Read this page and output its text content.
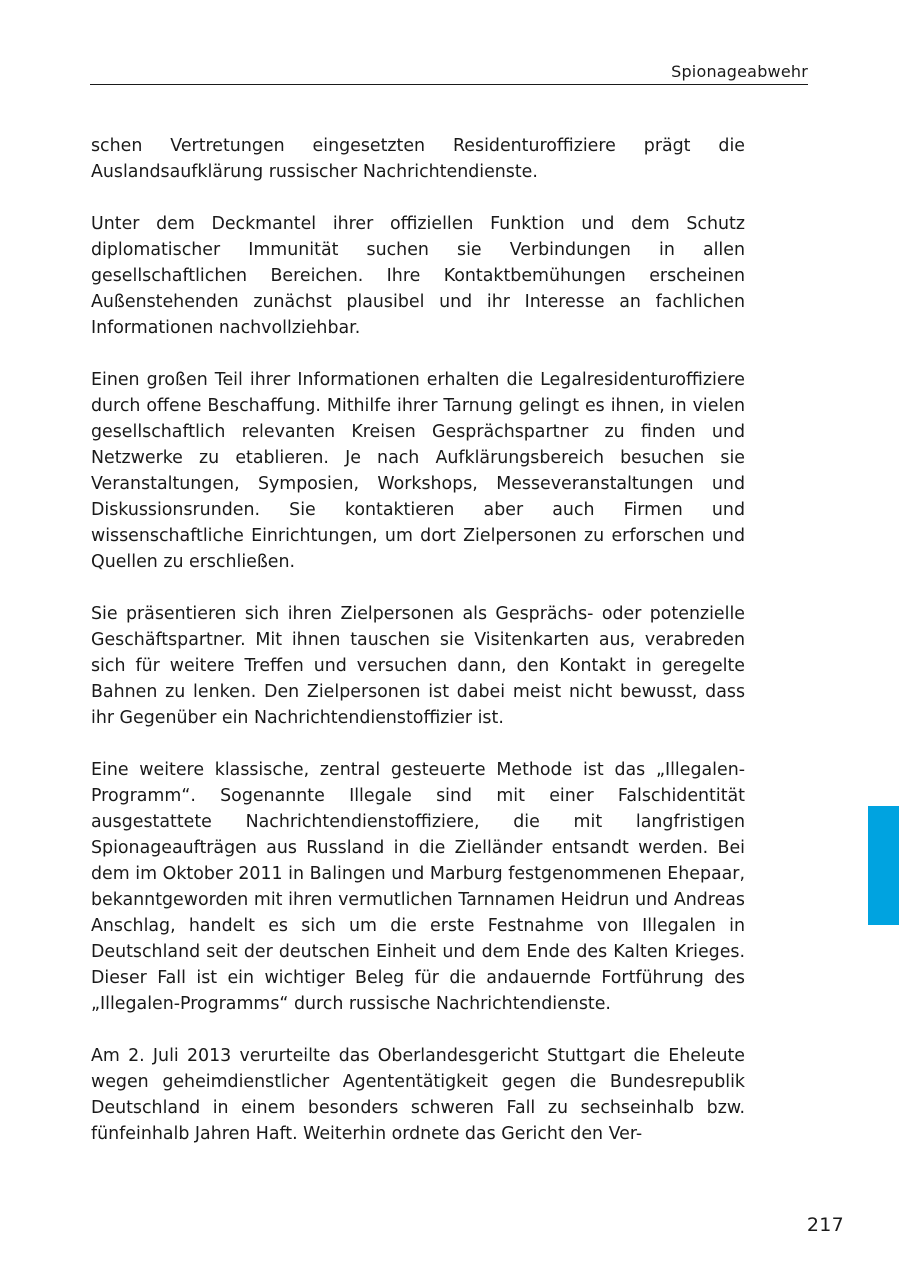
Spionageabwehr

schen Vertretungen eingesetzten Residenturoffiziere prägt die Auslandsaufklärung russischer Nachrichtendienste.

Unter dem Deckmantel ihrer offiziellen Funktion und dem Schutz diplomatischer Immunität suchen sie Verbindungen in allen gesellschaftlichen Bereichen. Ihre Kontaktbemühungen erscheinen Außenstehenden zunächst plausibel und ihr Interesse an fachlichen Informationen nachvollziehbar.

Einen großen Teil ihrer Informationen erhalten die Legalresidenturoffiziere durch offene Beschaffung. Mithilfe ihrer Tarnung gelingt es ihnen, in vielen gesellschaftlich relevanten Kreisen Gesprächspartner zu finden und Netzwerke zu etablieren. Je nach Aufklärungsbereich besuchen sie Veranstaltungen, Symposien, Workshops, Messeveranstaltungen und Diskussionsrunden. Sie kontaktieren aber auch Firmen und wissenschaftliche Einrichtungen, um dort Zielpersonen zu erforschen und Quellen zu erschließen.

Sie präsentieren sich ihren Zielpersonen als Gesprächs- oder potenzielle Geschäftspartner. Mit ihnen tauschen sie Visitenkarten aus, verabreden sich für weitere Treffen und versuchen dann, den Kontakt in geregelte Bahnen zu lenken. Den Zielpersonen ist dabei meist nicht bewusst, dass ihr Gegenüber ein Nachrichtendienstoffizier ist.

Eine weitere klassische, zentral gesteuerte Methode ist das „Illegalen-Programm“. Sogenannte Illegale sind mit einer Falschidentität ausgestattete Nachrichtendienstoffiziere, die mit langfristigen Spionageaufträgen aus Russland in die Zielländer entsandt werden. Bei dem im Oktober 2011 in Balingen und Marburg festgenommenen Ehepaar, bekanntgeworden mit ihren vermutlichen Tarnnamen Heidrun und Andreas Anschlag, handelt es sich um die erste Festnahme von Illegalen in Deutschland seit der deutschen Einheit und dem Ende des Kalten Krieges. Dieser Fall ist ein wichtiger Beleg für die andauernde Fortführung des „Illegalen-Programms“ durch russische Nachrichtendienste.

Am 2. Juli 2013 verurteilte das Oberlandesgericht Stuttgart die Eheleute wegen geheimdienstlicher Agententätigkeit gegen die Bundesrepublik Deutschland in einem besonders schweren Fall zu sechseinhalb bzw. fünfeinhalb Jahren Haft. Weiterhin ordnete das Gericht den Ver-

217
